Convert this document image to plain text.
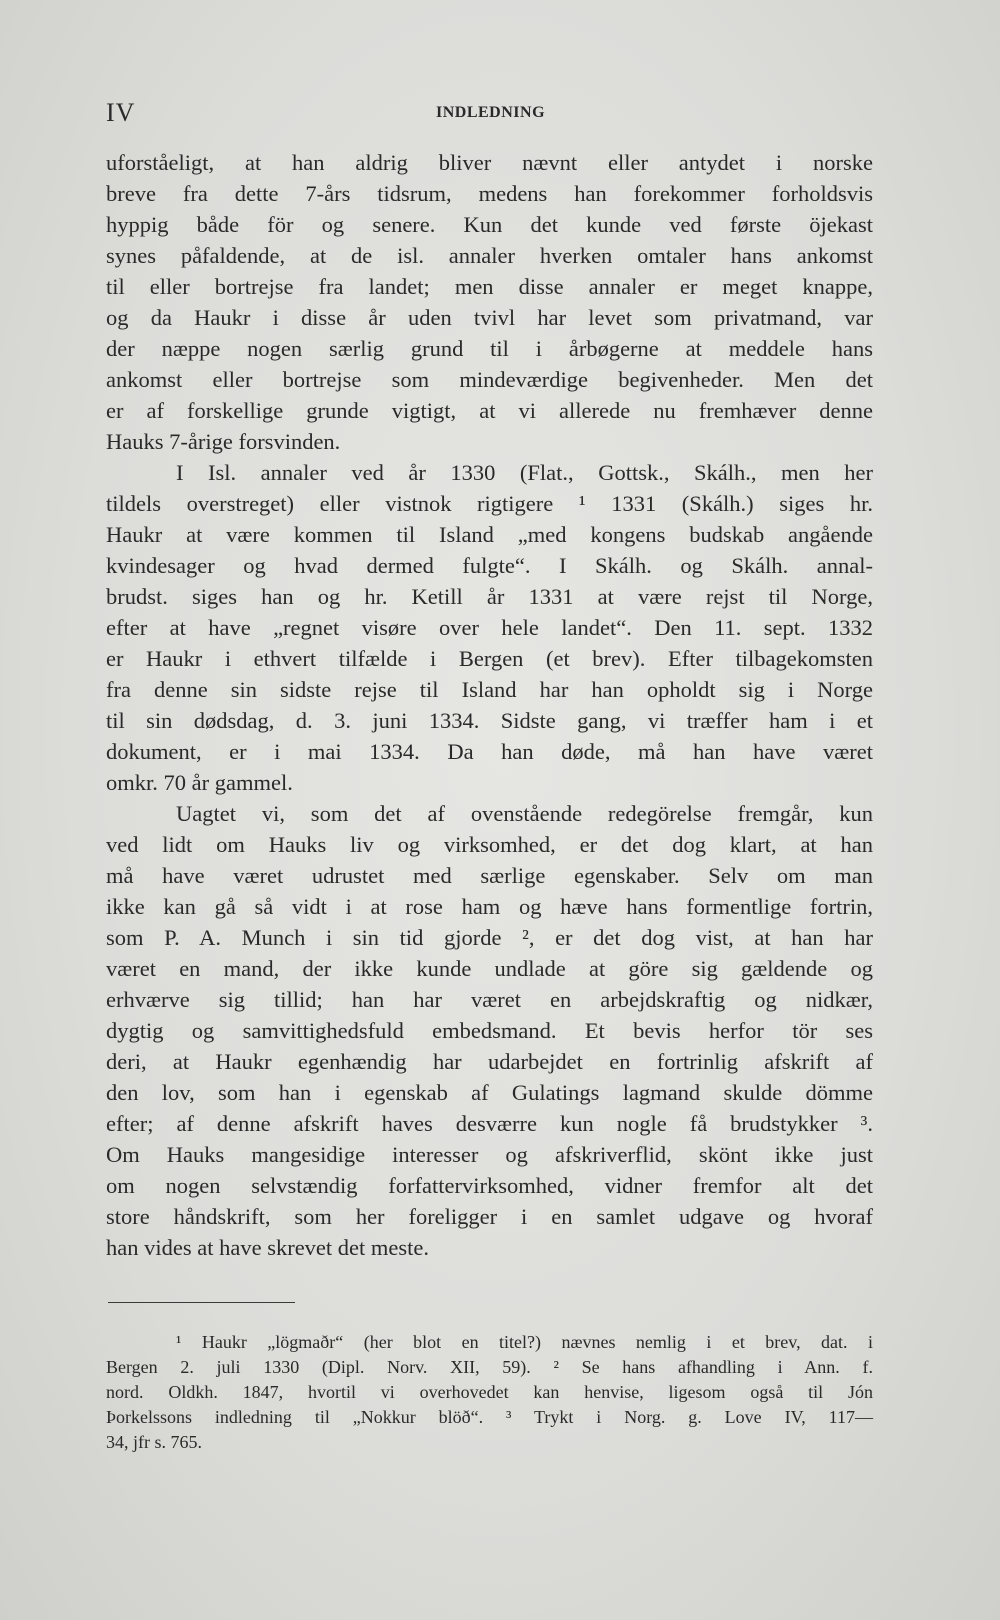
IV	INDLEDNING
uforståeligt, at han aldrig bliver nævnt eller antydet i norske
breve fra dette 7-års tidsrum, medens han forekommer forholdsvis
hyppig både för og senere. Kun det kunde ved første öjekast
synes påfaldende, at de isl. annaler hverken omtaler hans ankomst
til eller bortrejse fra landet; men disse annaler er meget knappe,
og da Haukr i disse år uden tvivl har levet som privatmand, var
der næppe nogen særlig grund til i årbøgerne at meddele hans
ankomst eller bortrejse som mindeværdige begivenheder. Men det
er af forskellige grunde vigtigt, at vi allerede nu fremhæver denne
Hauks 7-årige forsvinden.
I Isl. annaler ved år 1330 (Flat., Gottsk., Skálh., men her
tildels overstreget) eller vistnok rigtigere ¹ 1331 (Skálh.) siges hr.
Haukr at være kommen til Island „med kongens budskab angående
kvindesager og hvad dermed fulgte“. I Skálh. og Skálh. annal-
brudst. siges han og hr. Ketill år 1331 at være rejst til Norge,
efter at have „regnet visøre over hele landet“. Den 11. sept. 1332
er Haukr i ethvert tilfælde i Bergen (et brev). Efter tilbagekomsten
fra denne sin sidste rejse til Island har han opholdt sig i Norge
til sin dødsdag, d. 3. juni 1334. Sidste gang, vi træffer ham i et
dokument, er i mai 1334. Da han døde, må han have været
omkr. 70 år gammel.
Uagtet vi, som det af ovenstående redegörelse fremgår, kun
ved lidt om Hauks liv og virksomhed, er det dog klart, at han
må have været udrustet med særlige egenskaber. Selv om man
ikke kan gå så vidt i at rose ham og hæve hans formentlige fortrin,
som P. A. Munch i sin tid gjorde ², er det dog vist, at han har
været en mand, der ikke kunde undlade at göre sig gældende og
erhværve sig tillid; han har været en arbejdskraftig og nidkær,
dygtig og samvittighedsfuld embedsmand. Et bevis herfor tör ses
deri, at Haukr egenhændig har udarbejdet en fortrinlig afskrift af
den lov, som han i egenskab af Gulatings lagmand skulde dömme
efter; af denne afskrift haves desværre kun nogle få brudstykker ³.
Om Hauks mangesidige interesser og afskriverflid, skönt ikke just
om nogen selvstændig forfattervirksomhed, vidner fremfor alt det
store håndskrift, som her foreligger i en samlet udgave og hvoraf
han vides at have skrevet det meste.
¹ Haukr „lögmaðr“ (her blot en titel?) nævnes nemlig i et brev, dat. i
Bergen 2. juli 1330 (Dipl. Norv. XII, 59). ² Se hans afhandling i Ann. f.
nord. Oldkh. 1847, hvortil vi overhovedet kan henvise, ligesom også til Jón
Þorkelssons indledning til „Nokkur blöð“. ³ Trykt i Norg. g. Love IV, 117—
34, jfr s. 765.
